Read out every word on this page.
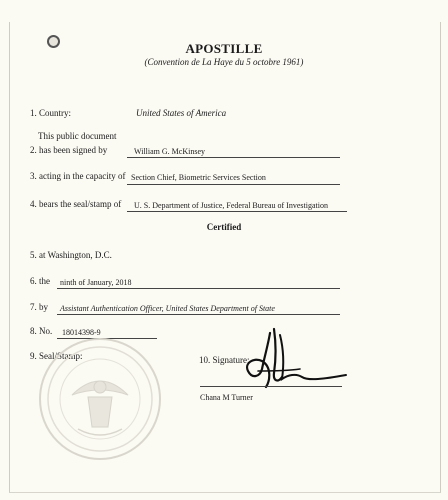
APOSTILLE
(Convention de La Haye du 5 octobre 1961)
1. Country:	United States of America
This public document
2. has been signed by	William G. McKinsey
3. acting in the capacity of Section Chief, Biometric Services Section
4. bears the seal/stamp of U. S. Department of Justice, Federal Bureau of Investigation
Certified
5. at Washington, D.C.
6. the ninth of January, 2018
7. by Assistant Authentication Officer, United States Department of State
8. No. 18014398-9
9. Seal/Stamp:	10. Signature:
Chana M Turner
